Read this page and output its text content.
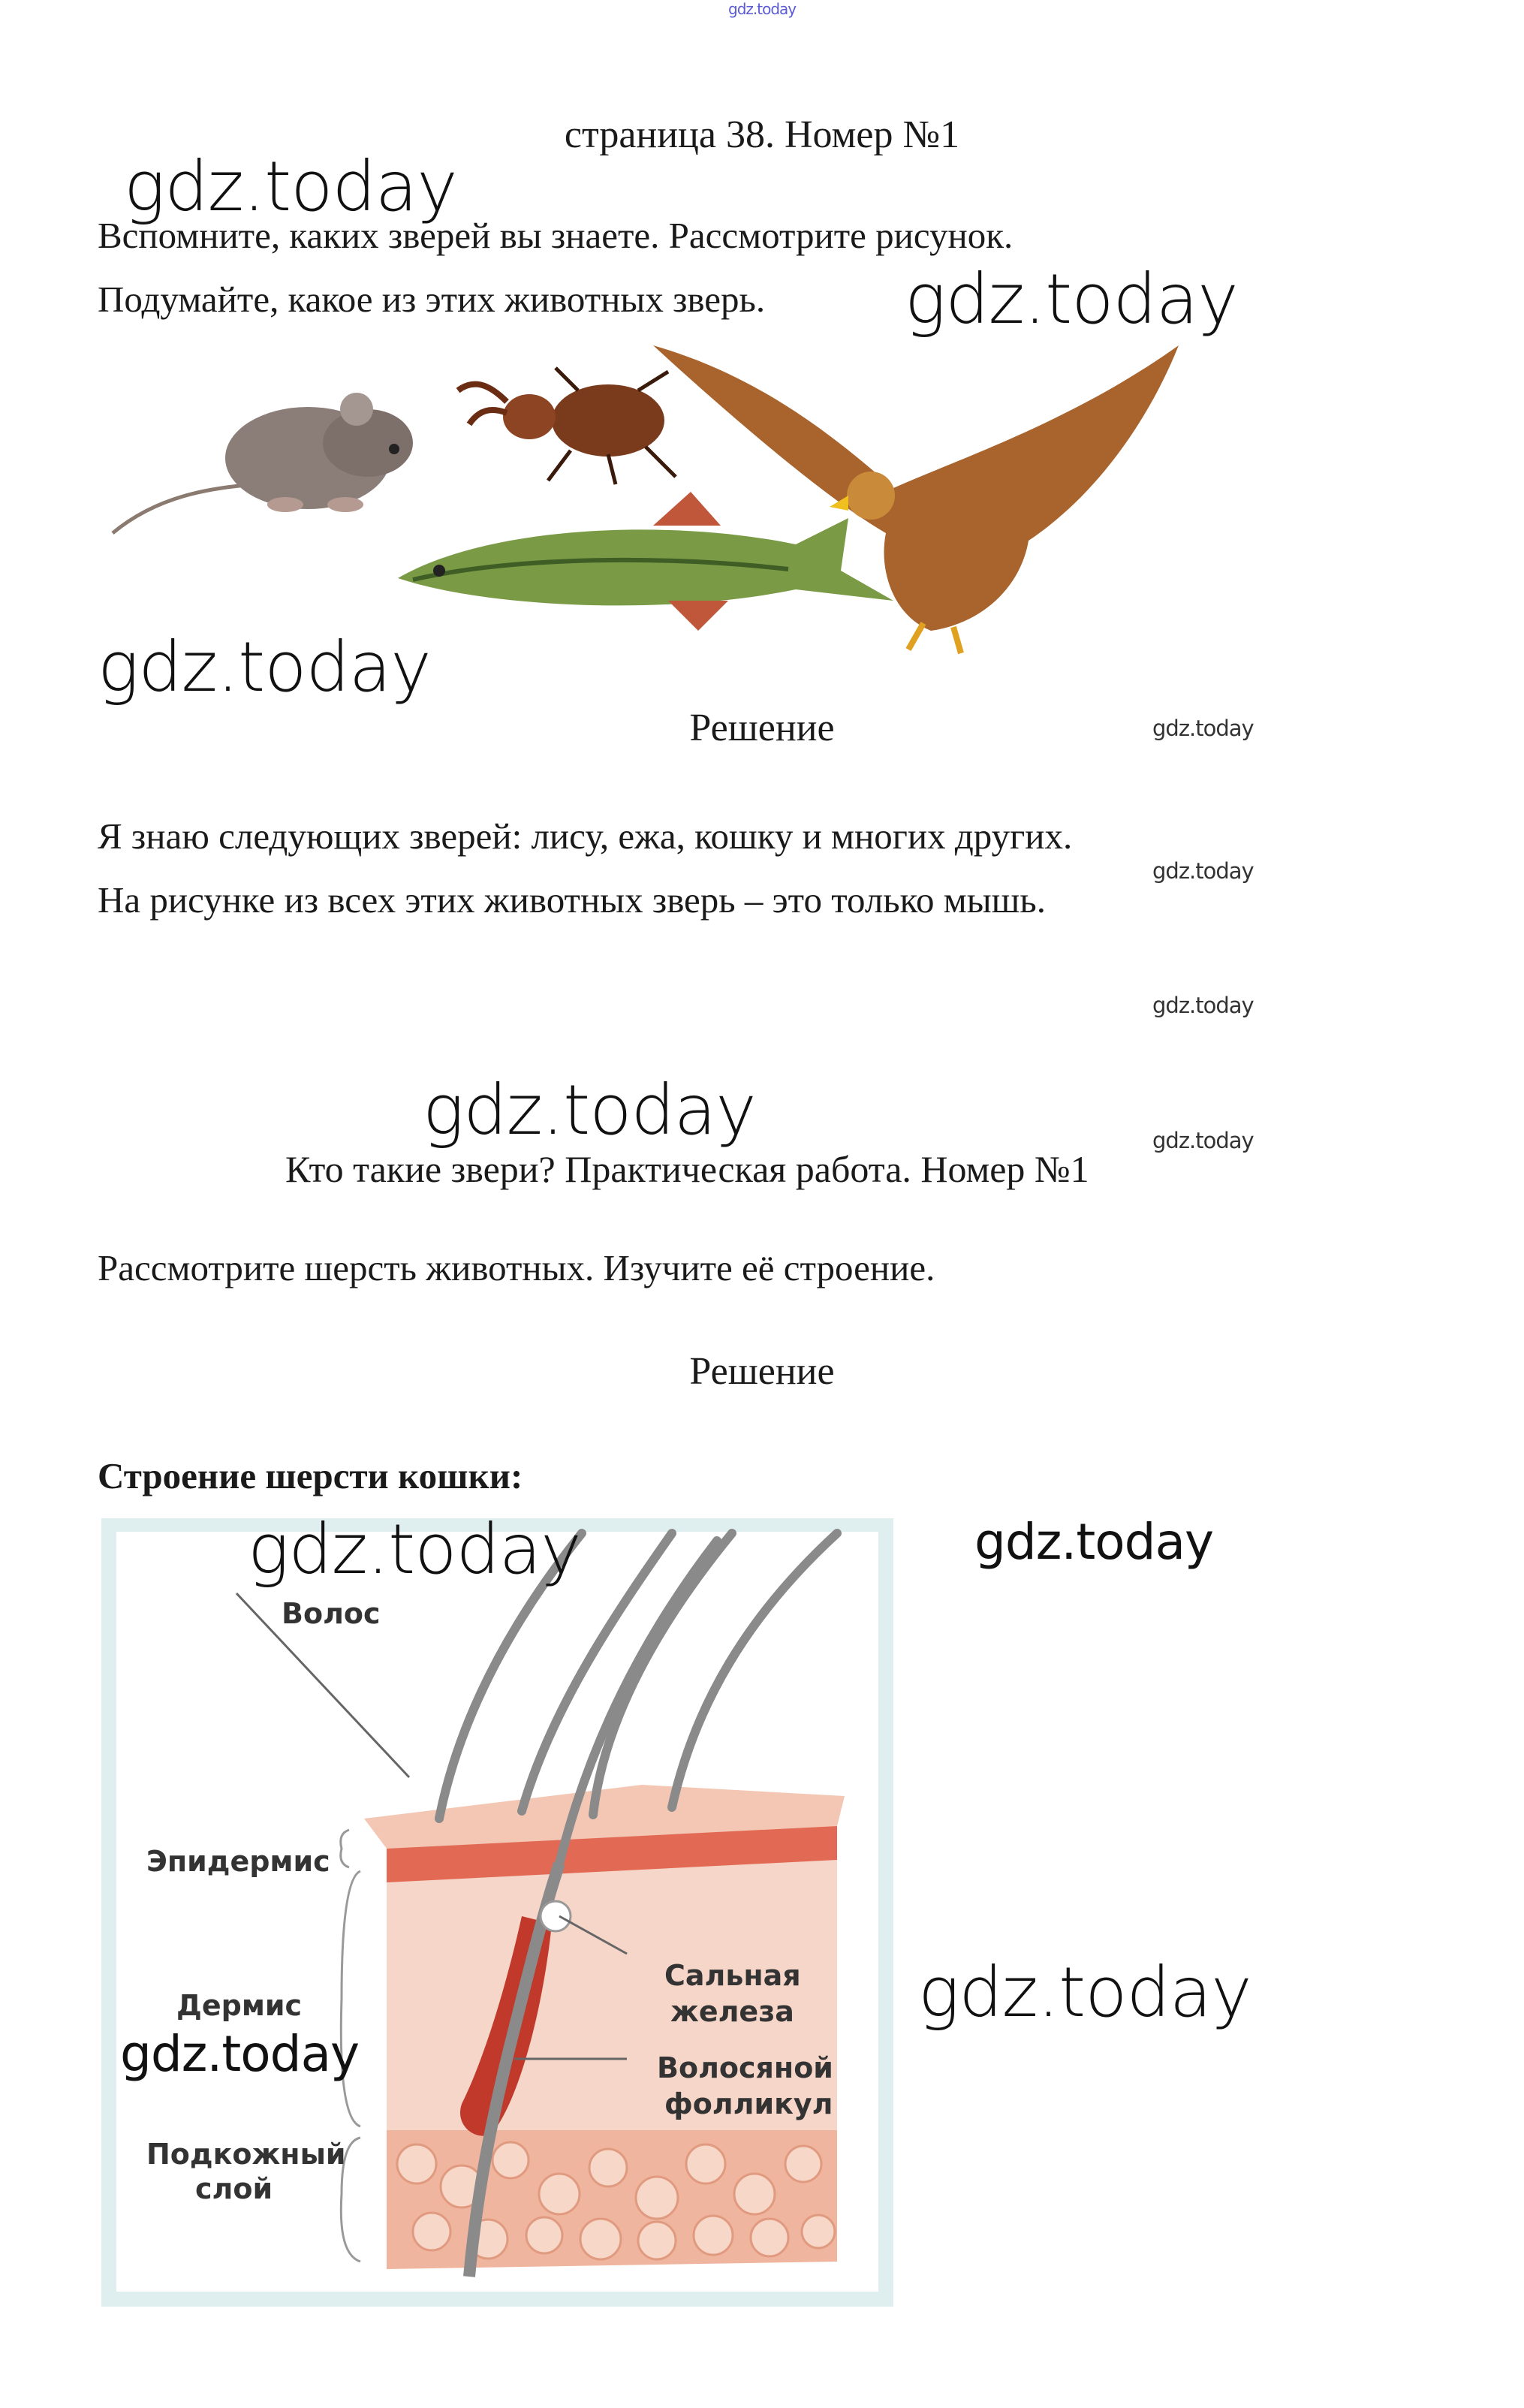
gdz.today
страница 38. Номер №1
gdz.today
Вспомните, каких зверей вы знаете. Рассмотрите рисунок.
Подумайте, какое из этих животных зверь. gdz.today
gdz.today
Решение	gdz.today
Я знаю следующих зверей: лису, ежа, кошку и многих других.
gdz.today
На рисунке из всех этих животных зверь – это только мышь.
gdz.today
gdz.today	gdz.today
Кто такие звери? Практическая работа. Номер №1
Рассмотрите шерсть животных. Изучите её строение.
Решение
Строение шерсти кошки:
Волос
Эпидермис
Дермис
Подкожный
слой
Сальная
железа
Волосяной
фолликул
gdz.today	gdz.today
gdz.today
gdz.today
